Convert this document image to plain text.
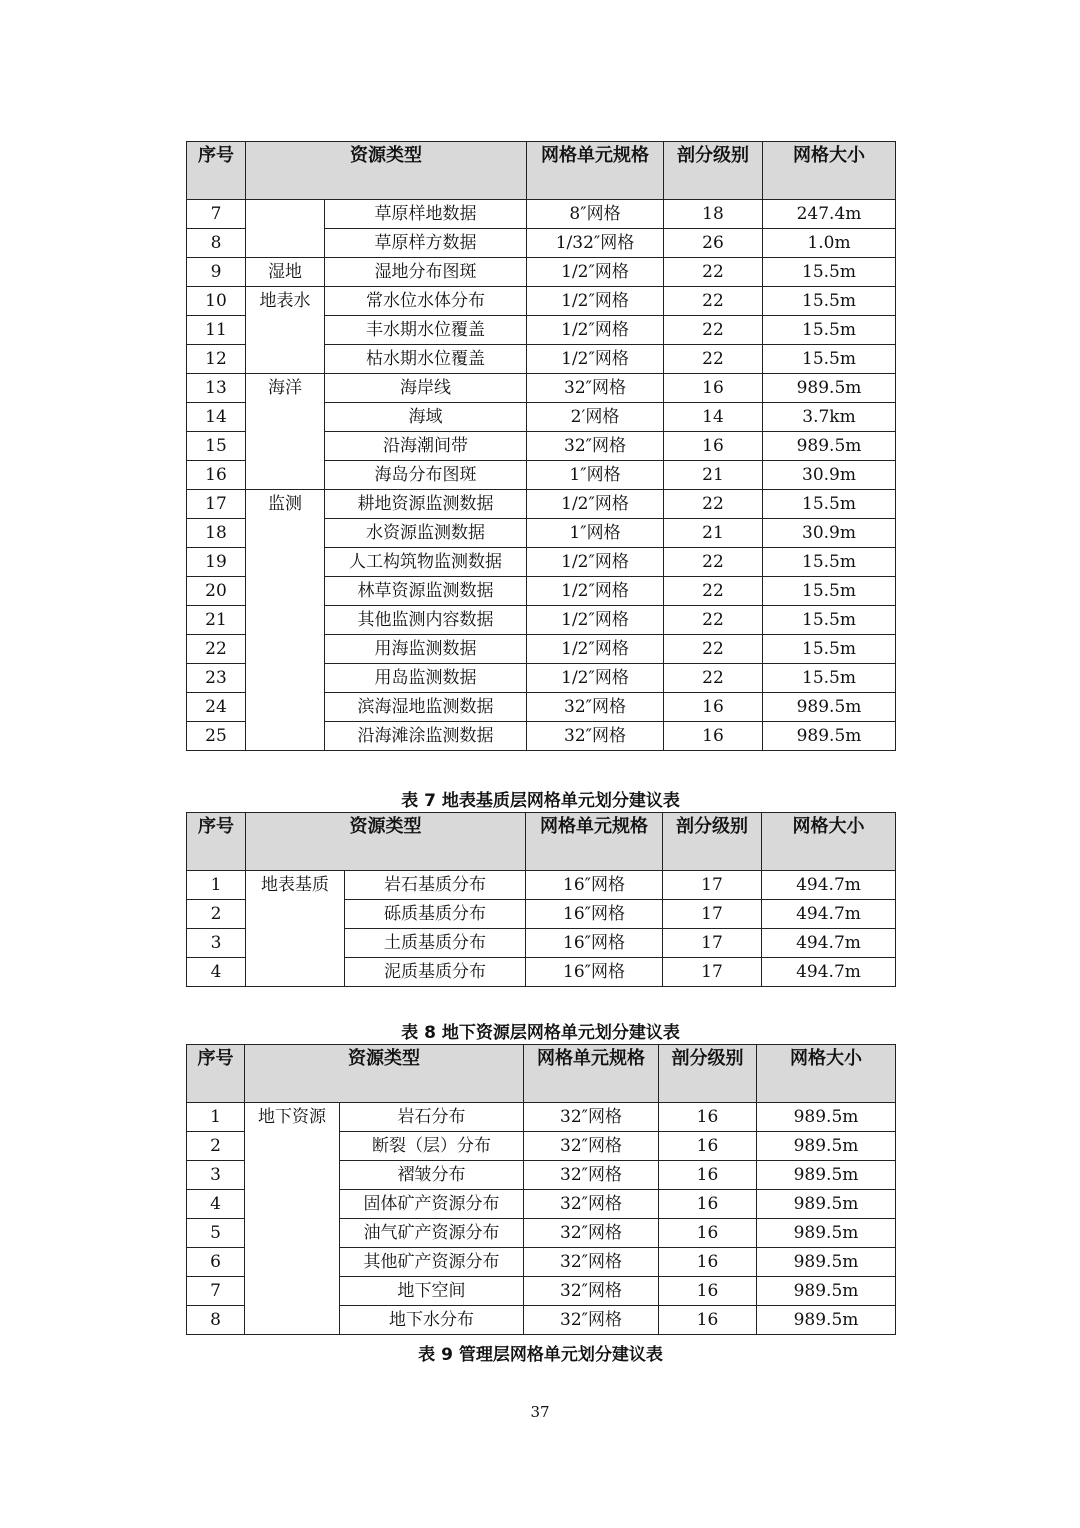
序号	资源类型		网格单元规格	剖分级别	网格大小
7		草原样地数据	8″网格	18	247.4m
8		草原样方数据	1/32″网格	26	1.0m
9	湿地	湿地分布图斑	1/2″网格	22	15.5m
10	地表水	常水位水体分布	1/2″网格	22	15.5m
11		丰水期水位覆盖	1/2″网格	22	15.5m
12		枯水期水位覆盖	1/2″网格	22	15.5m
13	海洋	海岸线	32″网格	16	989.5m
14		海域	2′网格	14	3.7km
15		沿海潮间带	32″网格	16	989.5m
16		海岛分布图斑	1″网格	21	30.9m
17	监测	耕地资源监测数据	1/2″网格	22	15.5m
18		水资源监测数据	1″网格	21	30.9m
19		人工构筑物监测数据	1/2″网格	22	15.5m
20		林草资源监测数据	1/2″网格	22	15.5m
21		其他监测内容数据	1/2″网格	22	15.5m
22		用海监测数据	1/2″网格	22	15.5m
23		用岛监测数据	1/2″网格	22	15.5m
24		滨海湿地监测数据	32″网格	16	989.5m
25		沿海滩涂监测数据	32″网格	16	989.5m
表 7 地表基质层网格单元划分建议表
序号	资源类型		网格单元规格	剖分级别	网格大小
1	地表基质	岩石基质分布	16″网格	17	494.7m
2		砾质基质分布	16″网格	17	494.7m
3		土质基质分布	16″网格	17	494.7m
4		泥质基质分布	16″网格	17	494.7m
表 8 地下资源层网格单元划分建议表
序号	资源类型		网格单元规格	剖分级别	网格大小
1	地下资源	岩石分布	32″网格	16	989.5m
2		断裂（层）分布	32″网格	16	989.5m
3		褶皱分布	32″网格	16	989.5m
4		固体矿产资源分布	32″网格	16	989.5m
5		油气矿产资源分布	32″网格	16	989.5m
6		其他矿产资源分布	32″网格	16	989.5m
7		地下空间	32″网格	16	989.5m
8		地下水分布	32″网格	16	989.5m
表 9 管理层网格单元划分建议表
37
